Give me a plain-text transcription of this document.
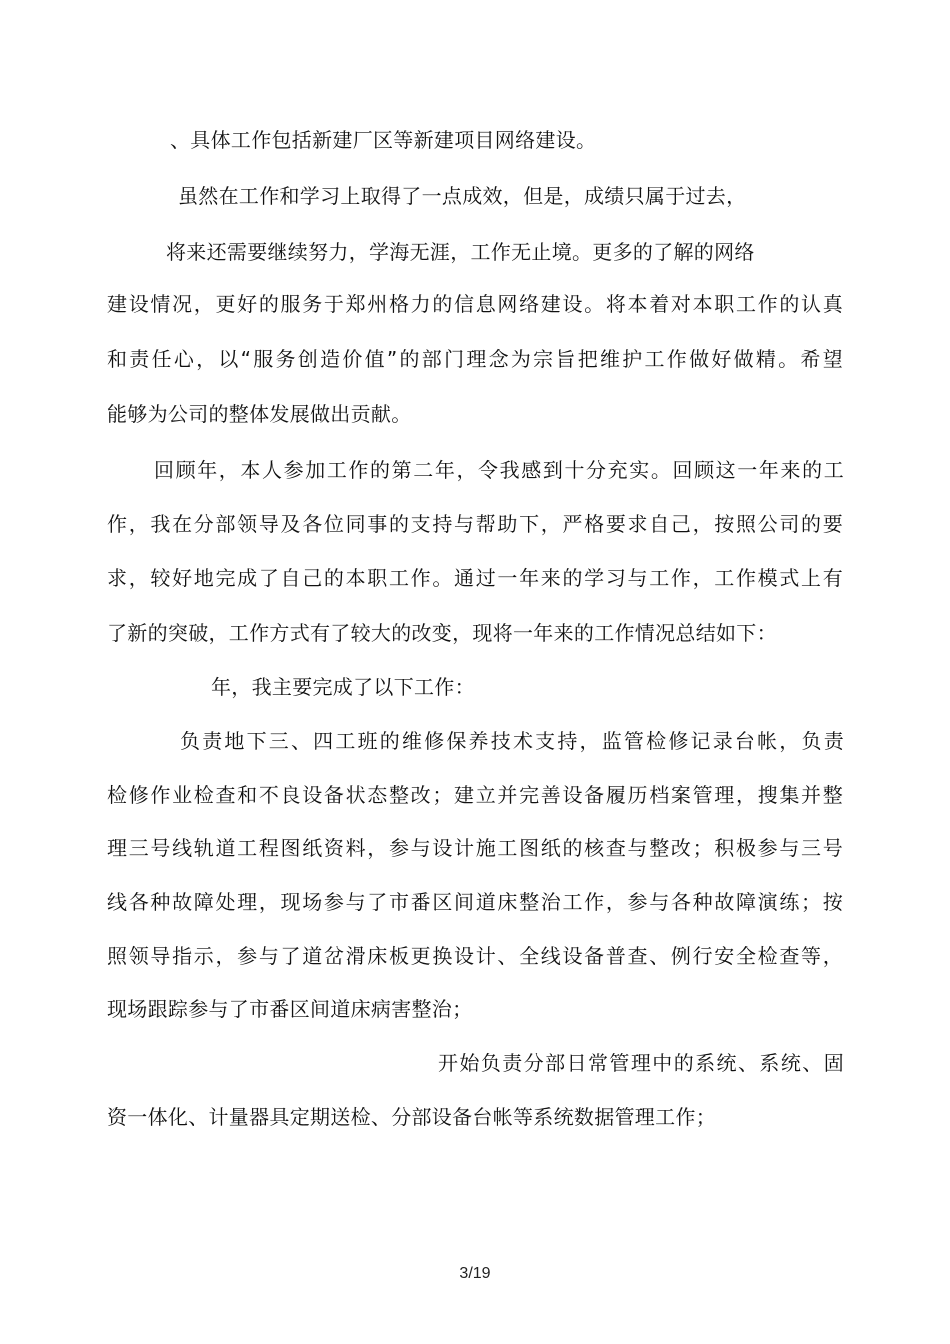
、具体工作包括新建厂区等新建项目网络建设。

虽然在工作和学习上取得了一点成效，但是，成绩只属于过去，

将来还需要继续努力，学海无涯，工作无止境。更多的了解的网络

建设情况，更好的服务于郑州格力的信息网络建设。将本着对本职工作的认真

和责任心，以“服务创造价值”的部门理念为宗旨把维护工作做好做精。希望

能够为公司的整体发展做出贡献。

回顾年，本人参加工作的第二年，令我感到十分充实。回顾这一年来的工

作，我在分部领导及各位同事的支持与帮助下，严格要求自己，按照公司的要

求，较好地完成了自己的本职工作。通过一年来的学习与工作，工作模式上有

了新的突破，工作方式有了较大的改变，现将一年来的工作情况总结如下：

年，我主要完成了以下工作：

负责地下三、四工班的维修保养技术支持，监管检修记录台帐，负责

检修作业检查和不良设备状态整改；建立并完善设备履历档案管理，搜集并整

理三号线轨道工程图纸资料，参与设计施工图纸的核查与整改；积极参与三号

线各种故障处理，现场参与了市番区间道床整治工作，参与各种故障演练；按

照领导指示，参与了道岔滑床板更换设计、全线设备普查、例行安全检查等，

现场跟踪参与了市番区间道床病害整治；

开始负责分部日常管理中的系统、系统、固

资一体化、计量器具定期送检、分部设备台帐等系统数据管理工作；

3/19
